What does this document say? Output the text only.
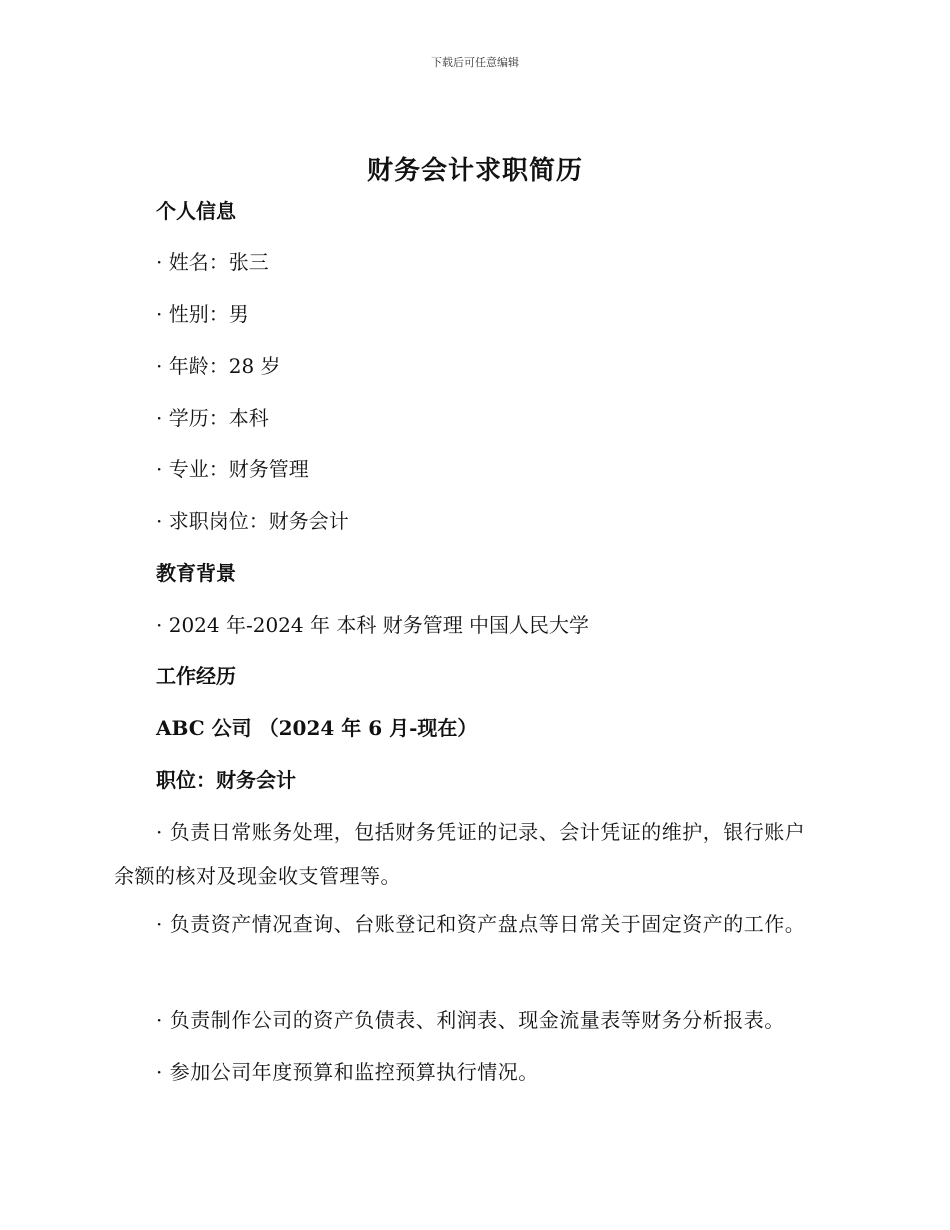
下载后可任意编辑
财务会计求职简历
个人信息
· 姓名：张三
· 性别：男
· 年龄：28 岁
· 学历：本科
· 专业：财务管理
· 求职岗位：财务会计
教育背景
· 2024 年-2024 年 本科 财务管理 中国人民大学
工作经历
ABC 公司 （2024 年 6 月-现在）
职位：财务会计
· 负责日常账务处理，包括财务凭证的记录、会计凭证的维护，银行账户余额的核对及现金收支管理等。
· 负责资产情况查询、台账登记和资产盘点等日常关于固定资产的工作。
· 负责制作公司的资产负债表、利润表、现金流量表等财务分析报表。
· 参加公司年度预算和监控预算执行情况。
